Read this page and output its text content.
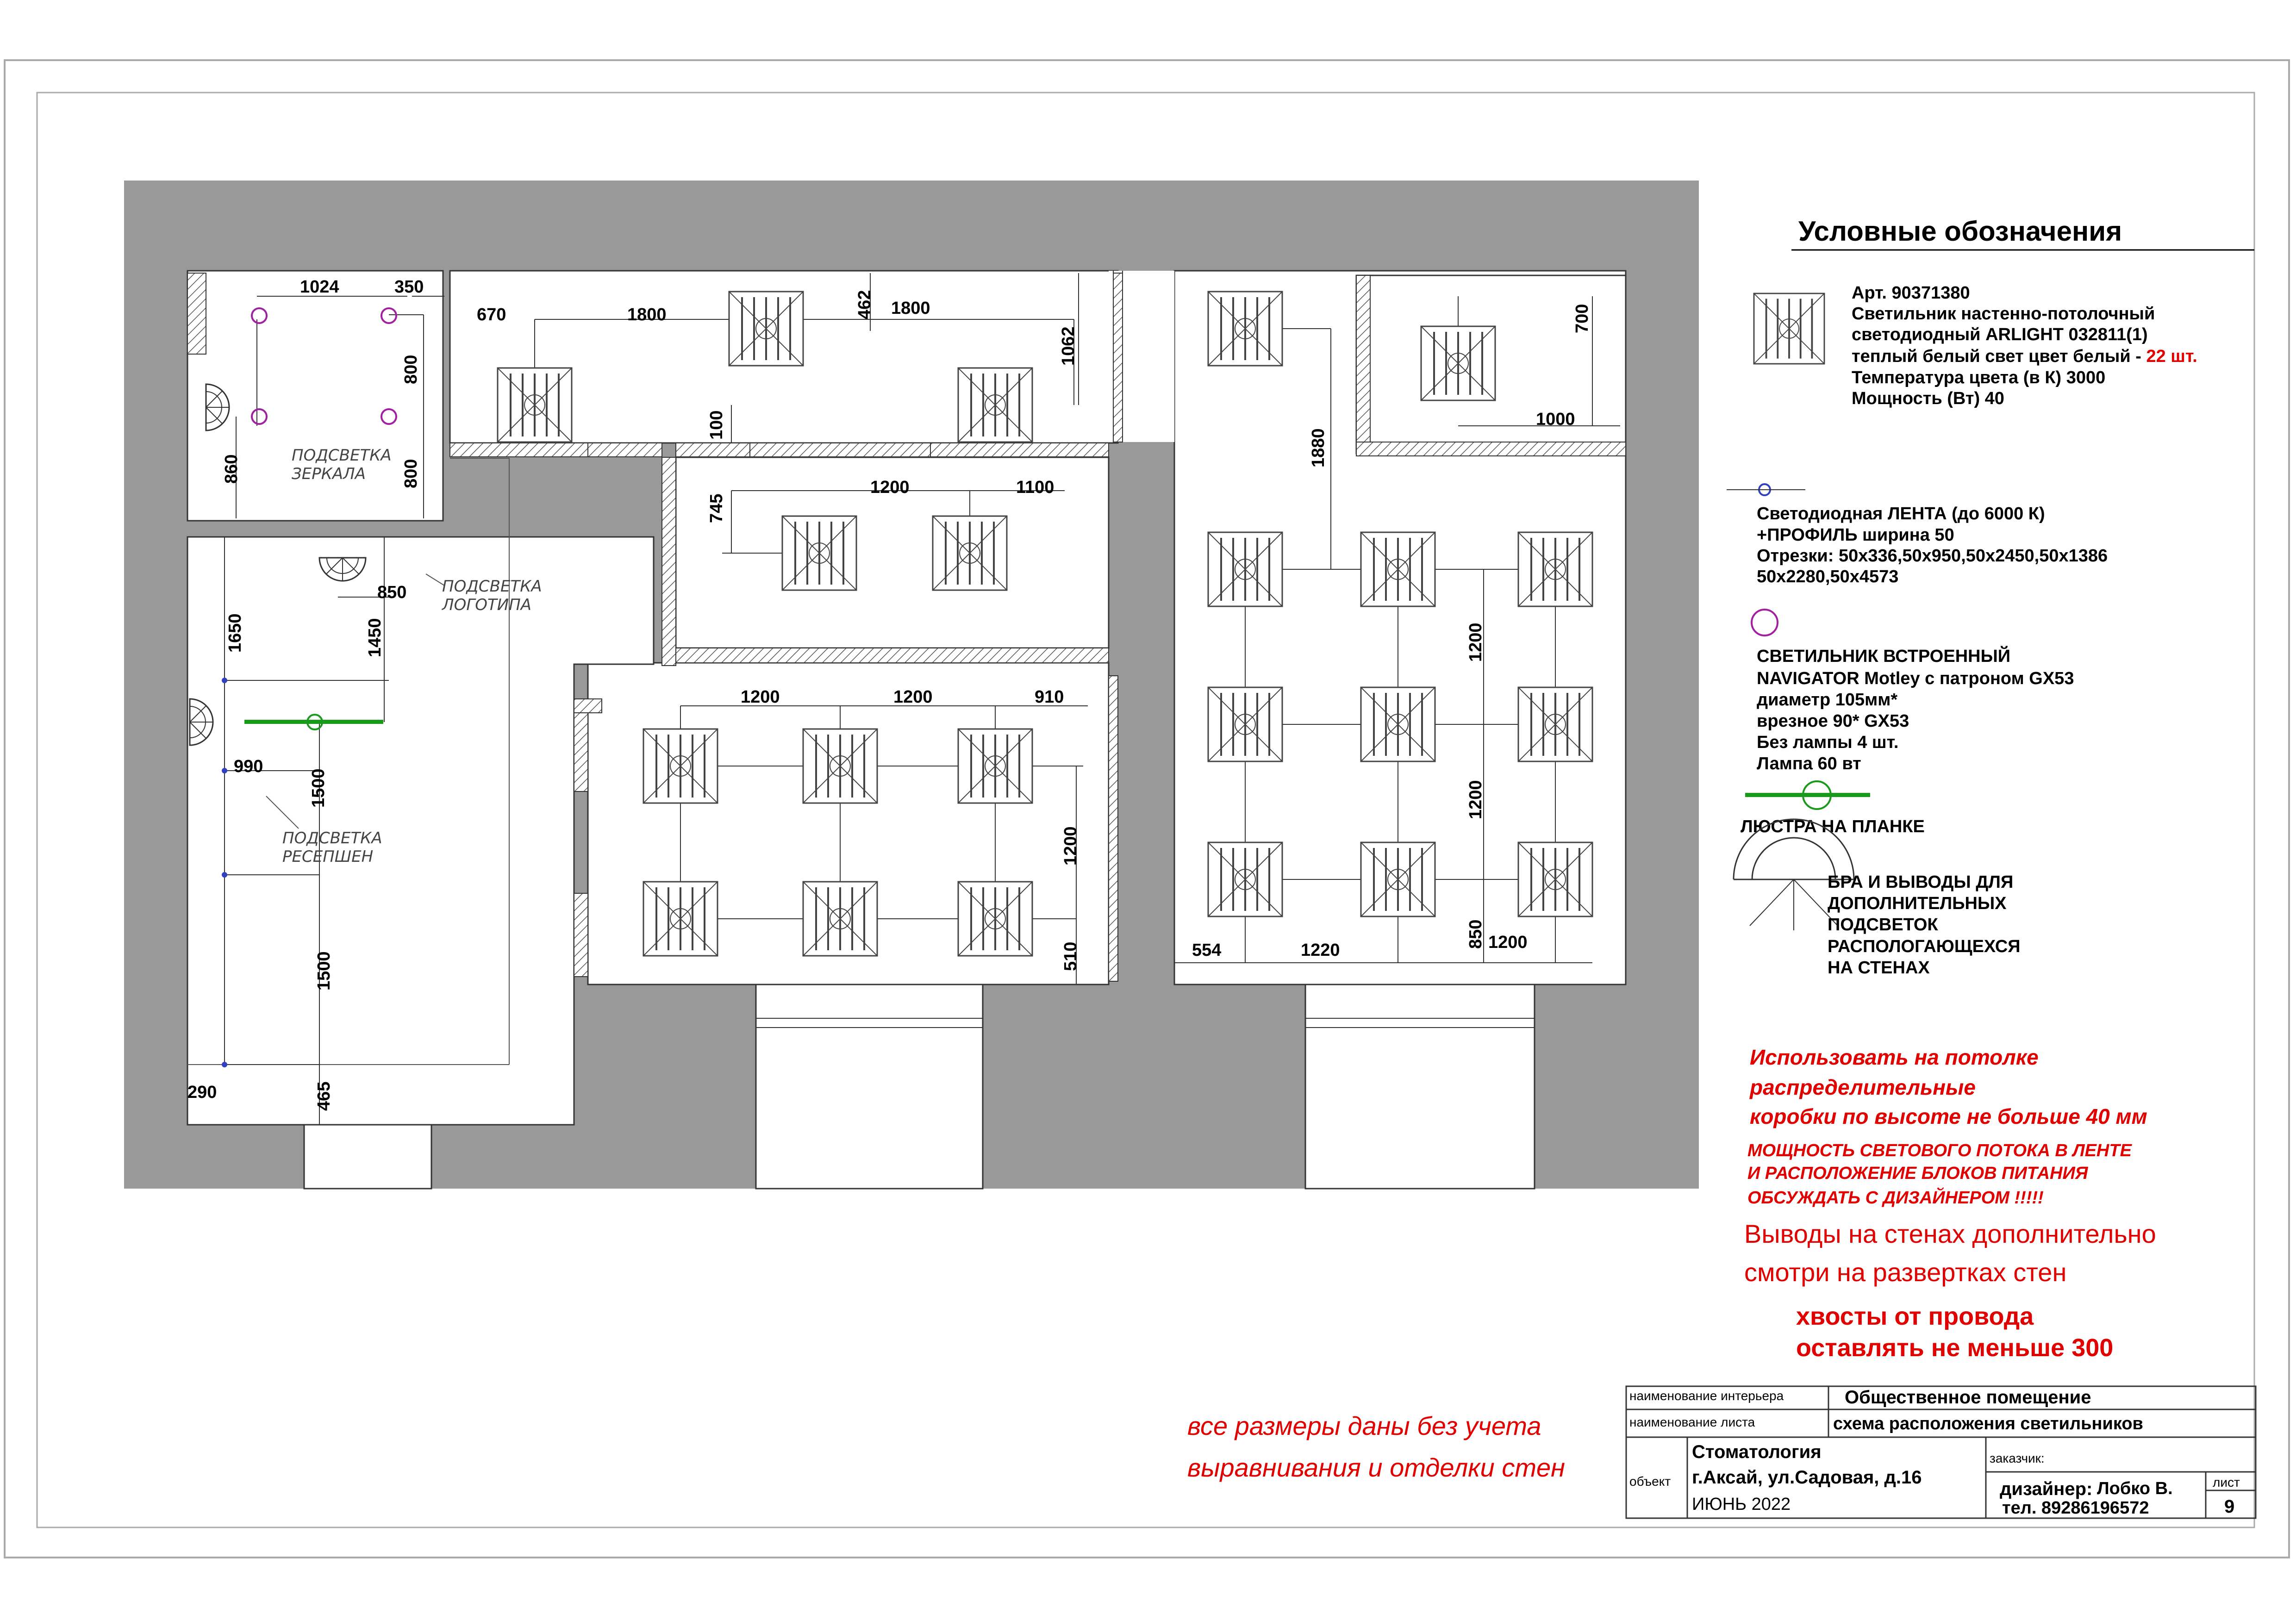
1024	350
800
800
860
670	1800	462 1800
1062
100
745
1200	1100
1200	1200	910
1200
510
700
1000
1880
1200
1200
850
554	1220	1200
1650	1450
850
990
1500
1500
290	465
ПОДСВЕТКА
ЗЕРКАЛА
ПОДСВЕТКА
ЛОГОТИПА
ПОДСВЕТКА
РЕСЕПШЕН
Условные обозначения
Арт. 90371380
Светильник настенно-потолочный
светодиодный ARLIGHT 032811(1)
теплый белый свет цвет белый - 22 шт.
Температура цвета (в К) 3000
Мощность (Вт) 40
Светодиодная ЛЕНТА (до 6000 К)
+ПРОФИЛЬ ширина 50
Отрезки: 50х336,50х950,50х2450,50х1386
50х2280,50х4573
СВЕТИЛЬНИК ВСТРОЕННЫЙ
NAVIGATOR Motley с патроном GX53
диаметр 105мм*
врезное 90* GX53
Без лампы 4 шт.
Лампа 60 вт
ЛЮСТРА НА ПЛАНКЕ
БРА И ВЫВОДЫ ДЛЯ
ДОПОЛНИТЕЛЬНЫХ
ПОДСВЕТОК
РАСПОЛОГАЮЩЕХСЯ
НА СТЕНАХ
Использовать на потолке
распределительные
коробки по высоте не больше 40 мм
МОЩНОСТЬ СВЕТОВОГО ПОТОКА В ЛЕНТЕ
И РАСПОЛОЖЕНИЕ БЛОКОВ ПИТАНИЯ
ОБСУЖДАТЬ С ДИЗАЙНЕРОМ !!!!!
Выводы на стенах дополнительно
смотри на развертках стен
хвосты от провода
оставлять не меньше 300
все размеры даны без учета
выравнивания и отделки стен
наименование интерьера	Общественное помещение
наименование листа	схема расположения светильников
объект
Стоматология
г.Аксай, ул.Садовая, д.16
ИЮНЬ 2022
заказчик:
дизайнер: Лобко В.
тел. 89286196572
лист
9
